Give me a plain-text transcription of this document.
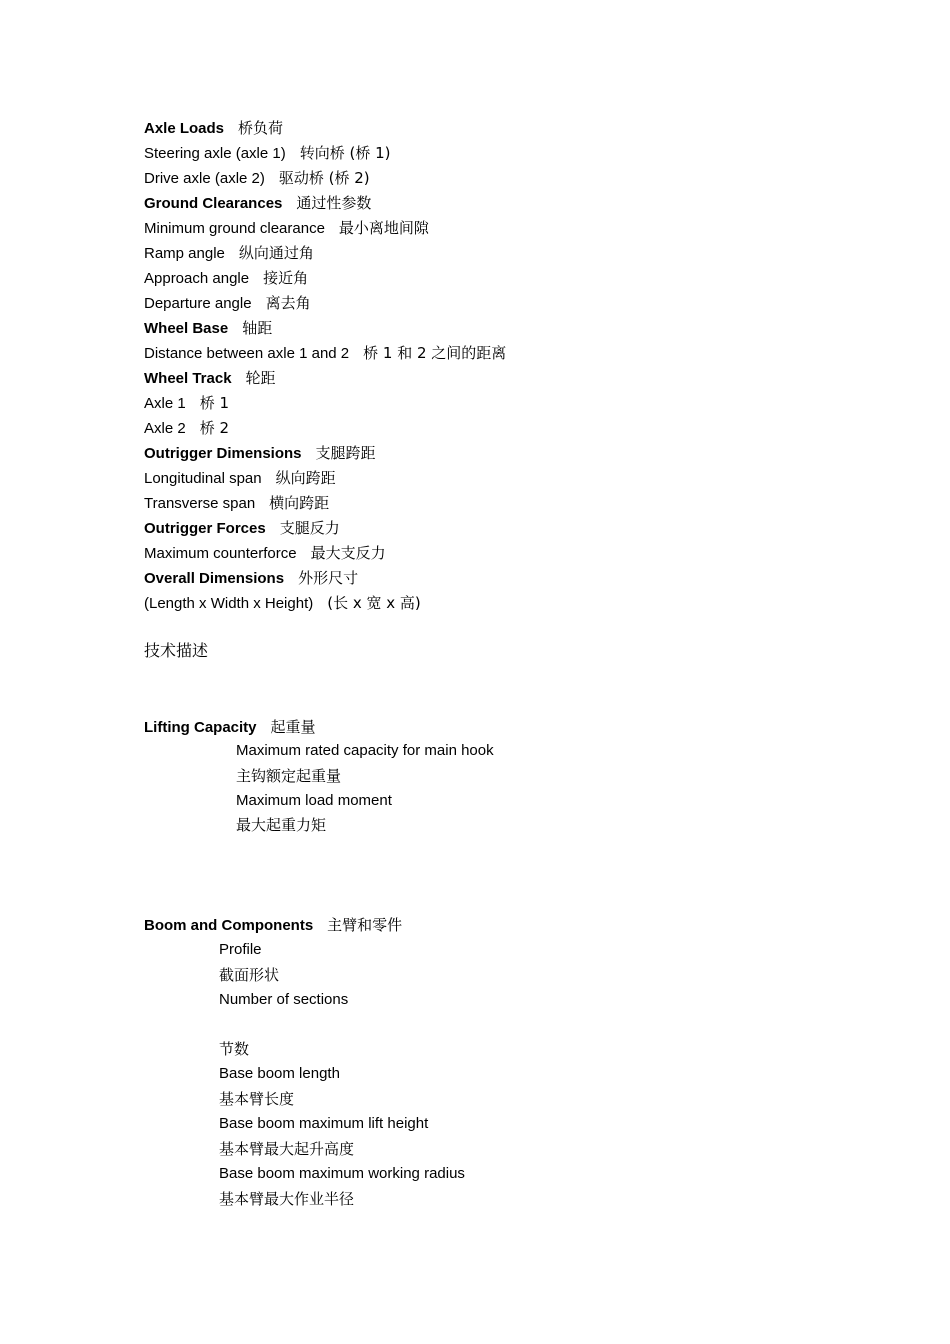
Axle Loads 桥负荷
Steering axle (axle 1) 转向桥 (桥 1)
Drive axle (axle 2) 驱动桥 (桥 2)
Ground Clearances 通过性参数
Minimum ground clearance 最小离地间隙
Ramp angle 纵向通过角
Approach angle 接近角
Departure angle 离去角
Wheel Base 轴距
Distance between axle 1 and 2 桥 1 和 2 之间的距离
Wheel Track 轮距
Axle 1 桥 1
Axle 2 桥 2
Outrigger Dimensions 支腿跨距
Longitudinal span 纵向跨距
Transverse span 横向跨距
Outrigger Forces 支腿反力
Maximum counterforce 最大支反力
Overall Dimensions 外形尺寸
(Length x Width x Height) (长 x 宽 x 高)
技术描述
Lifting Capacity 起重量
Maximum rated capacity for main hook
主钩额定起重量
Maximum load moment
最大起重力矩
Boom and Components 主臂和零件
Profile
截面形状
Number of sections
节数
Base boom length
基本臂长度
Base boom maximum lift height
基本臂最大起升高度
Base boom maximum working radius
基本臂最大作业半径
